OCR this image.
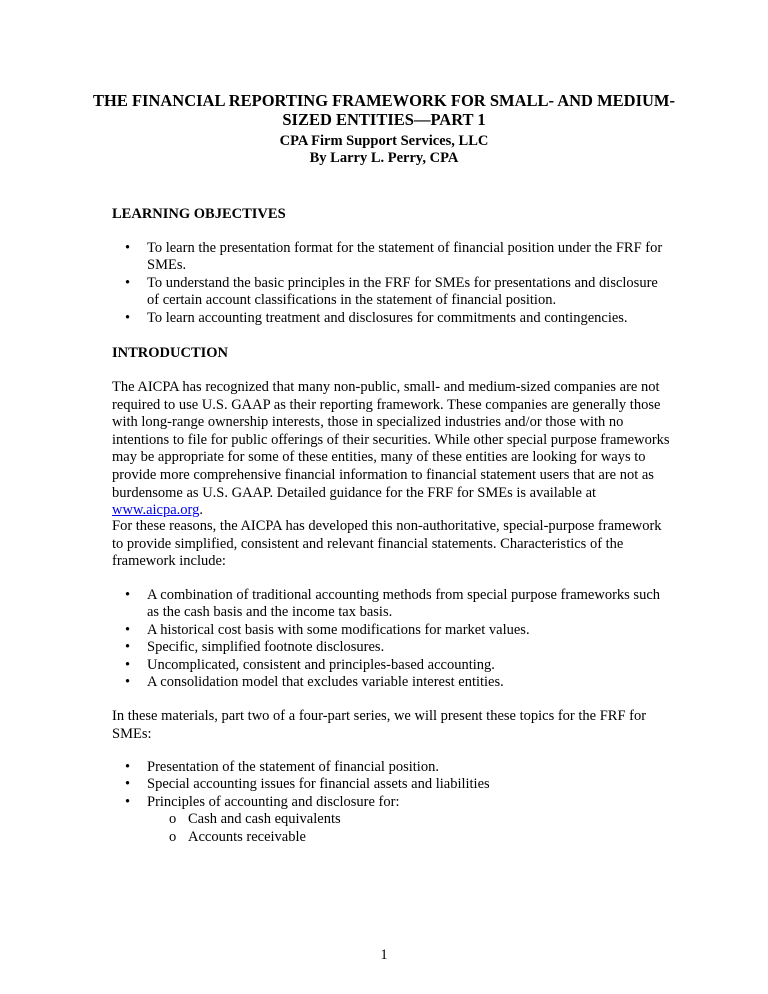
THE FINANCIAL REPORTING FRAMEWORK FOR SMALL- AND MEDIUM-SIZED ENTITIES—PART 1

CPA Firm Support Services, LLC

By Larry L. Perry, CPA

LEARNING OBJECTIVES

• To learn the presentation format for the statement of financial position under the FRF for SMEs.
• To understand the basic principles in the FRF for SMEs for presentations and disclosure of certain account classifications in the statement of financial position.
• To learn accounting treatment and disclosures for commitments and contingencies.

INTRODUCTION

The AICPA has recognized that many non-public, small- and medium-sized companies are not required to use U.S. GAAP as their reporting framework. These companies are generally those with long-range ownership interests, those in specialized industries and/or those with no intentions to file for public offerings of their securities. While other special purpose frameworks may be appropriate for some of these entities, many of these entities are looking for ways to provide more comprehensive financial information to financial statement users that are not as burdensome as U.S. GAAP. Detailed guidance for the FRF for SMEs is available at www.aicpa.org.

For these reasons, the AICPA has developed this non-authoritative, special-purpose framework to provide simplified, consistent and relevant financial statements. Characteristics of the framework include:

• A combination of traditional accounting methods from special purpose frameworks such as the cash basis and the income tax basis.
• A historical cost basis with some modifications for market values.
• Specific, simplified footnote disclosures.
• Uncomplicated, consistent and principles-based accounting.
• A consolidation model that excludes variable interest entities.

In these materials, part two of a four-part series, we will present these topics for the FRF for SMEs:

• Presentation of the statement of financial position.
• Special accounting issues for financial assets and liabilities
• Principles of accounting and disclosure for:
o Cash and cash equivalents
o Accounts receivable

1
